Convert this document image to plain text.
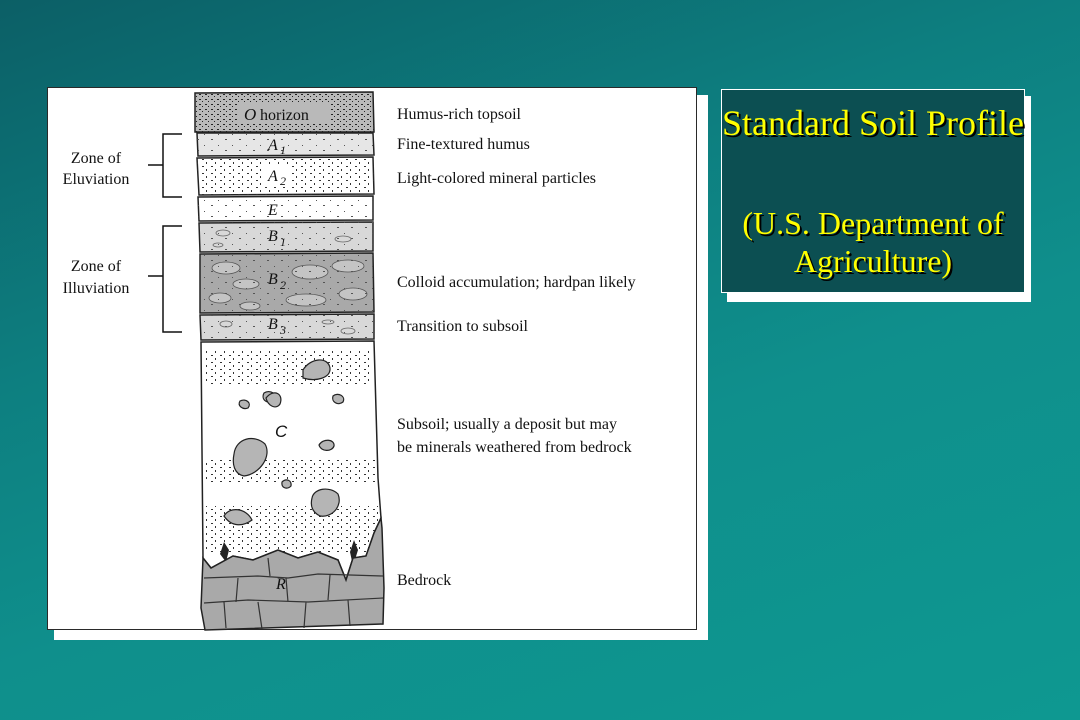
O horizon
A 1
A 2
E
B 1
B 2
B 3
C
R
Zone of
Eluviation
Zone of
Illuviation
Humus-rich topsoil
Fine-textured humus
Light-colored mineral particles
Colloid accumulation; hardpan likely
Transition to subsoil
Subsoil; usually a deposit but may
be minerals weathered from bedrock
Bedrock
Standard Soil Profile
(U.S. Department of Agriculture)
